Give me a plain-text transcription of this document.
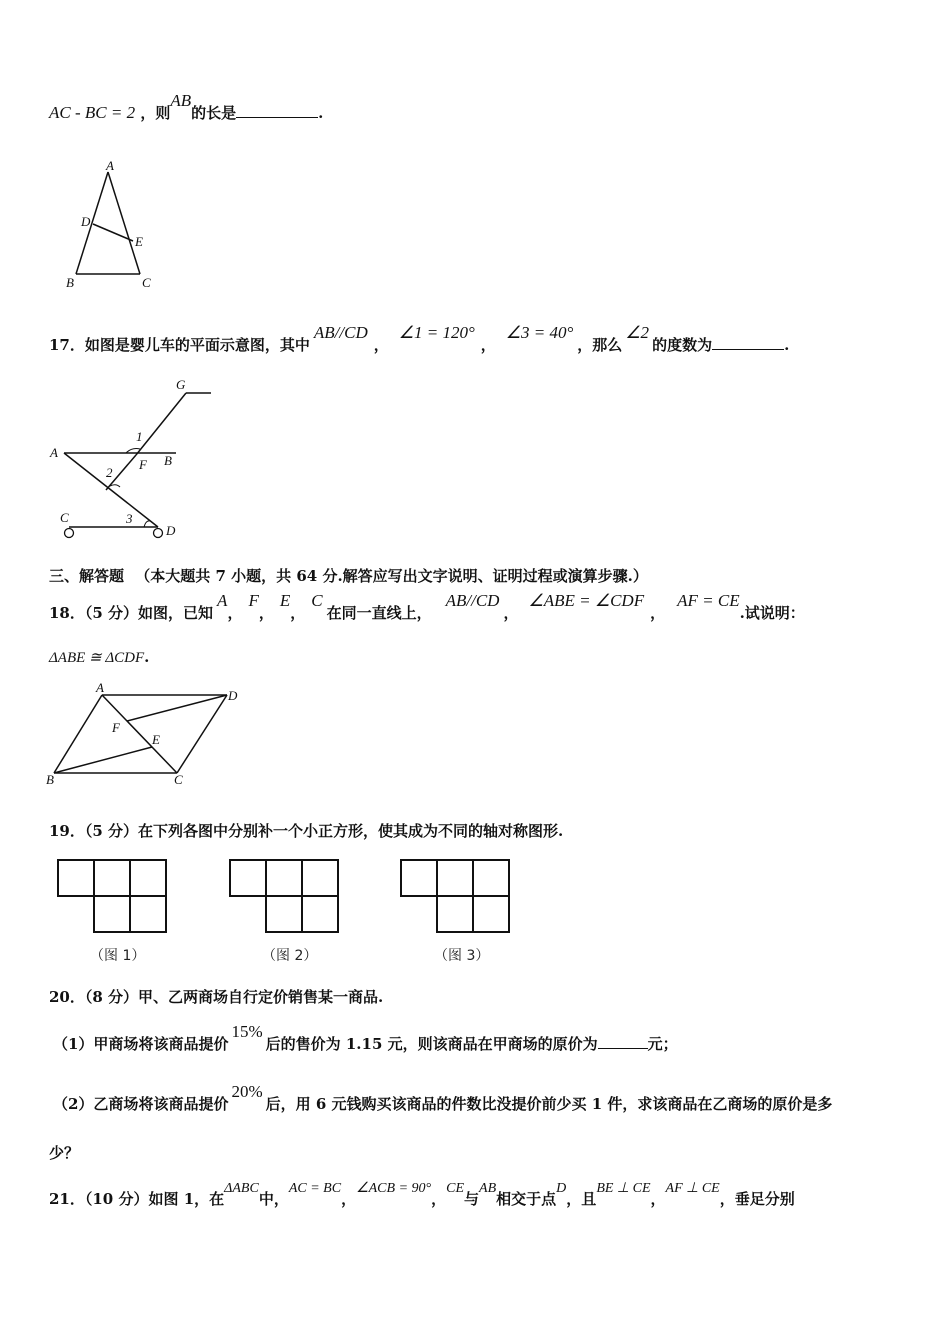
AC - BC = 2 ，则AB的长是	.
A
D
E
B	C
17．如图是婴儿车的平面示意图，其中AB//CD，∠1 = 120°，∠3 = 40°，那么∠2的度数为	.
G
1
A
F B
2
C	3
D
三、解答题 （本大题共 7 小题，共 64 分.解答应写出文字说明、证明过程或演算步骤.）
18．（5 分）如图，已知A，F，E，C在同一直线上，AB//CD，∠ABE = ∠CDF，AF = CE.试说明：
ΔABE ≅ ΔCDF.
A
D
F
E
B	C
19．（5 分）在下列各图中分别补一个小正方形，使其成为不同的轴对称图形.
（图 1）	（图 2）	（图 3）
20．（8 分）甲、乙两商场自行定价销售某一商品.
（1）甲商场将该商品提价15%后的售价为 1.15 元，则该商品在甲商场的原价为	元；
（2）乙商场将该商品提价20%后，用 6 元钱购买该商品的件数比没提价前少买 1 件，求该商品在乙商场的原价是多
少？
21．（10 分）如图 1，在ΔABC中，AC = BC，∠ACB = 90°，CE与AB相交于点D，且BE ⊥ CE，AF ⊥ CE，垂足分别
